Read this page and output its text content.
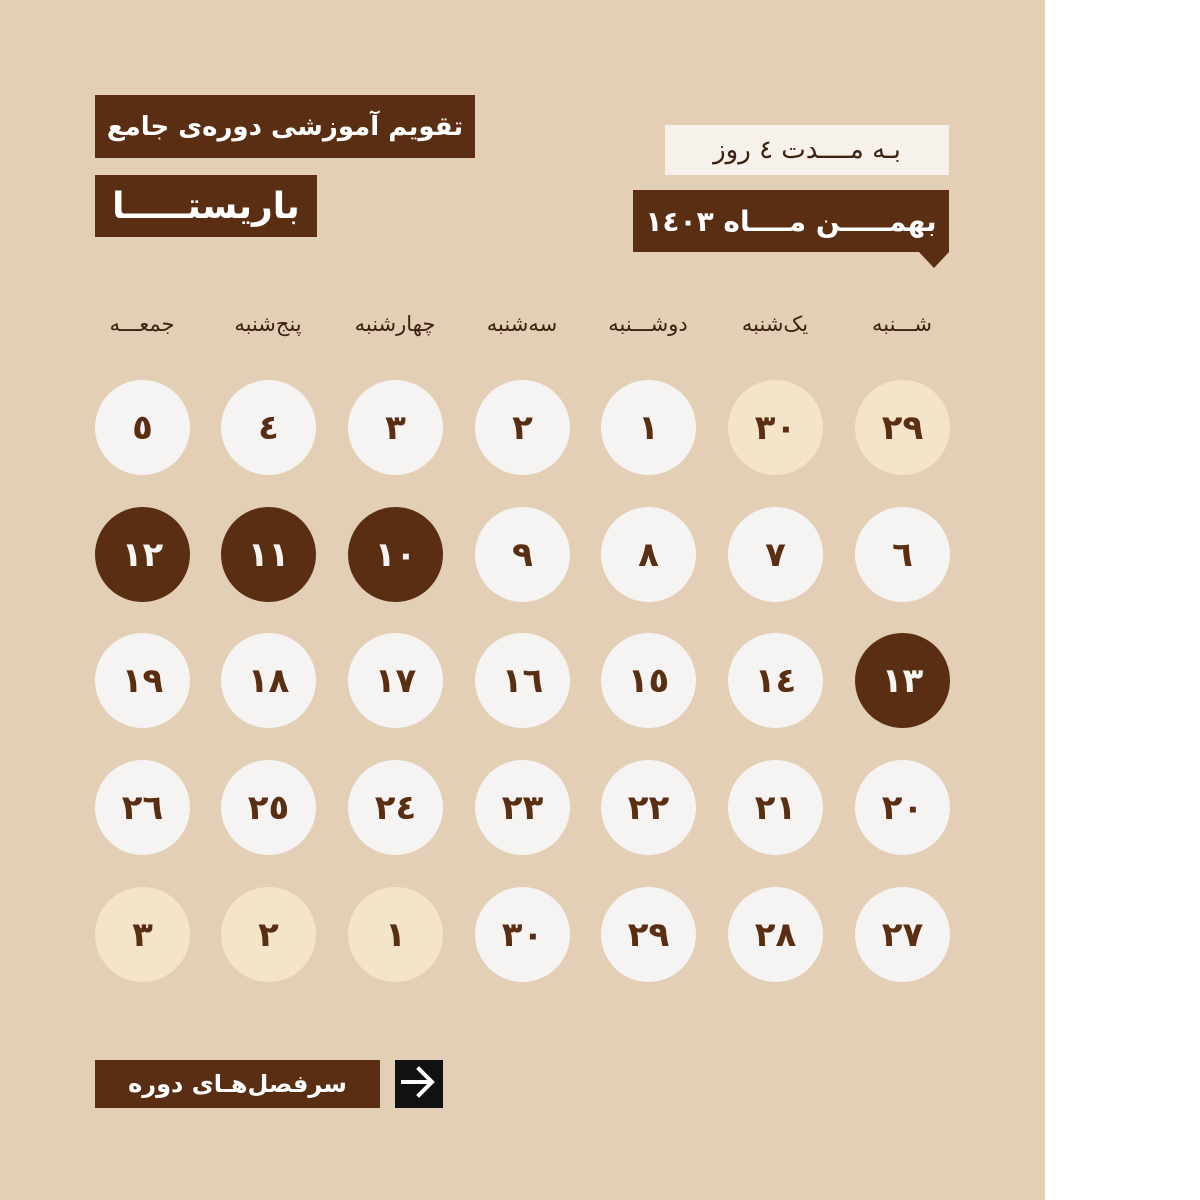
تقویم آموزشی دوره‌ی جامع
باریستـــــا
بـه مــــدت ٤ روز
بهمـــــن مــــاه ١٤٠٣
شـــنبه
یک‌شنبه
دوشـــنبه
سه‌شنبه
چهارشنبه
پنج‌شنبه
جمعـــه
٢٩
٣٠
١
٢
٣
٤
٥
٦
٧
٨
٩
١٠
١١
١٢
١٣
١٤
١٥
١٦
١٧
١٨
١٩
٢٠
٢١
٢٢
٢٣
٢٤
٢٥
٢٦
٢٧
٢٨
٢٩
٣٠
١
٢
٣
سرفصل‌هـای دوره
